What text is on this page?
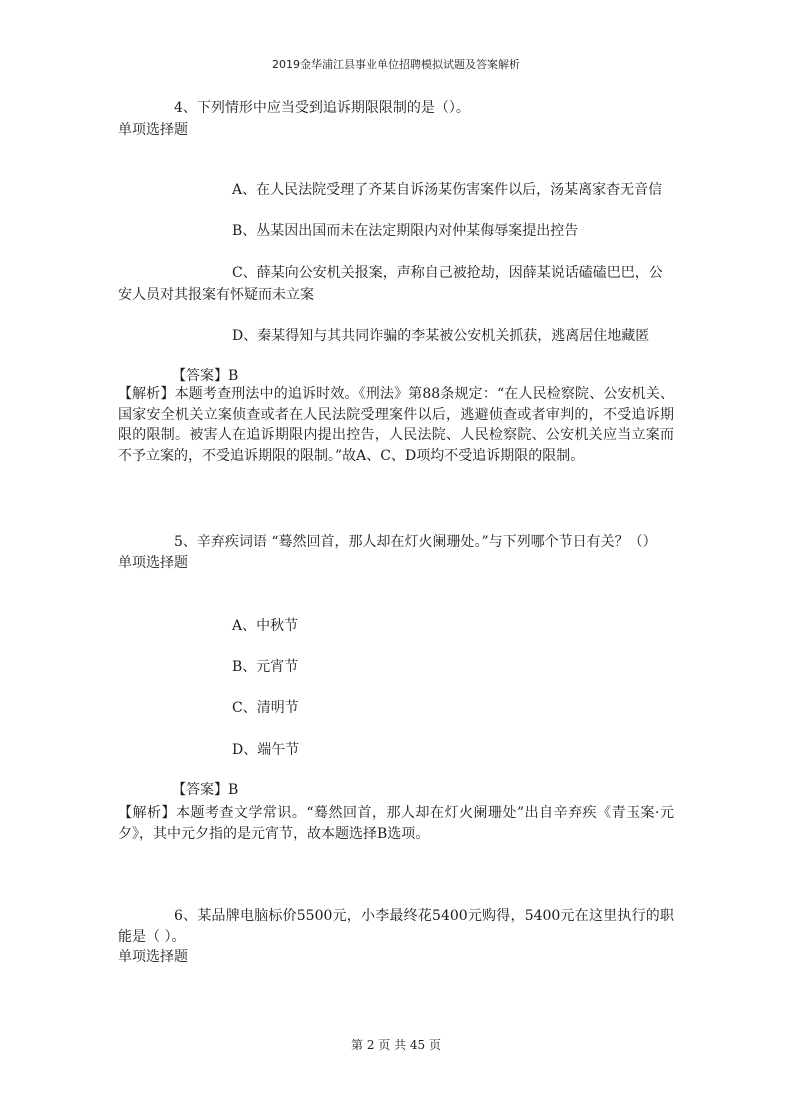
2019金华浦江县事业单位招聘模拟试题及答案解析
4、下列情形中应当受到追诉期限限制的是（）。
单项选择题
A、在人民法院受理了齐某自诉汤某伤害案件以后，汤某离家杳无音信
B、丛某因出国而未在法定期限内对仲某侮辱案提出控告
C、薛某向公安机关报案，声称自己被抢劫，因薛某说话磕磕巴巴，公
安人员对其报案有怀疑而未立案
D、秦某得知与其共同诈骗的李某被公安机关抓获，逃离居住地藏匿
【答案】B
【解析】本题考查刑法中的追诉时效。《刑法》第88条规定：“在人民检察院、公安机关、国家安全机关立案侦查或者在人民法院受理案件以后，逃避侦查或者审判的，不受追诉期限的限制。被害人在追诉期限内提出控告，人民法院、人民检察院、公安机关应当立案而不予立案的，不受追诉期限的限制。”故A、C、D项均不受追诉期限的限制。
5、辛弃疾词语 “蓦然回首，那人却在灯火阑珊处。”与下列哪个节日有关？（）
单项选择题
A、中秋节
B、元宵节
C、清明节
D、端午节
【答案】B
【解析】本题考查文学常识。“蓦然回首，那人却在灯火阑珊处”出自辛弃疾《青玉案·元夕》，其中元夕指的是元宵节，故本题选择B选项。
6、某品牌电脑标价5500元，小李最终花5400元购得，5400元在这里执行的职能是（ ）。
单项选择题
第 2 页 共 45 页
